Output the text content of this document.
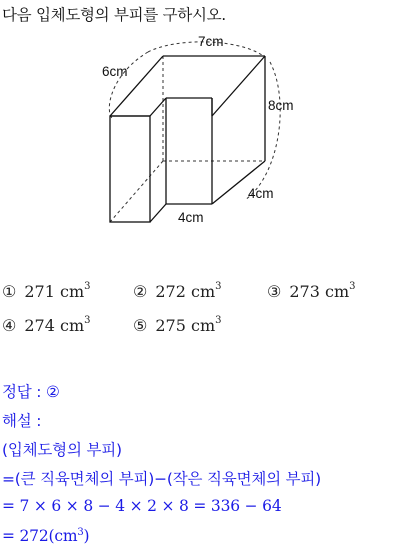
다음 입체도형의 부피를 구하시오.
7cm
6cm
8cm
4cm
4cm
① 271 $cm^3$	② 272 $cm^3$	③ 273 $cm^3$
④ 274 $cm^3$	⑤ 275 $cm^3$
정답 : ②
해설 :
(입체도형의 부피)
=(큰 직육면체의 부피)−(작은 직육면체의 부피)
= 7 × 6 × 8 − 4 × 2 × 8 = 336 − 64
= $272(cm^3)$
